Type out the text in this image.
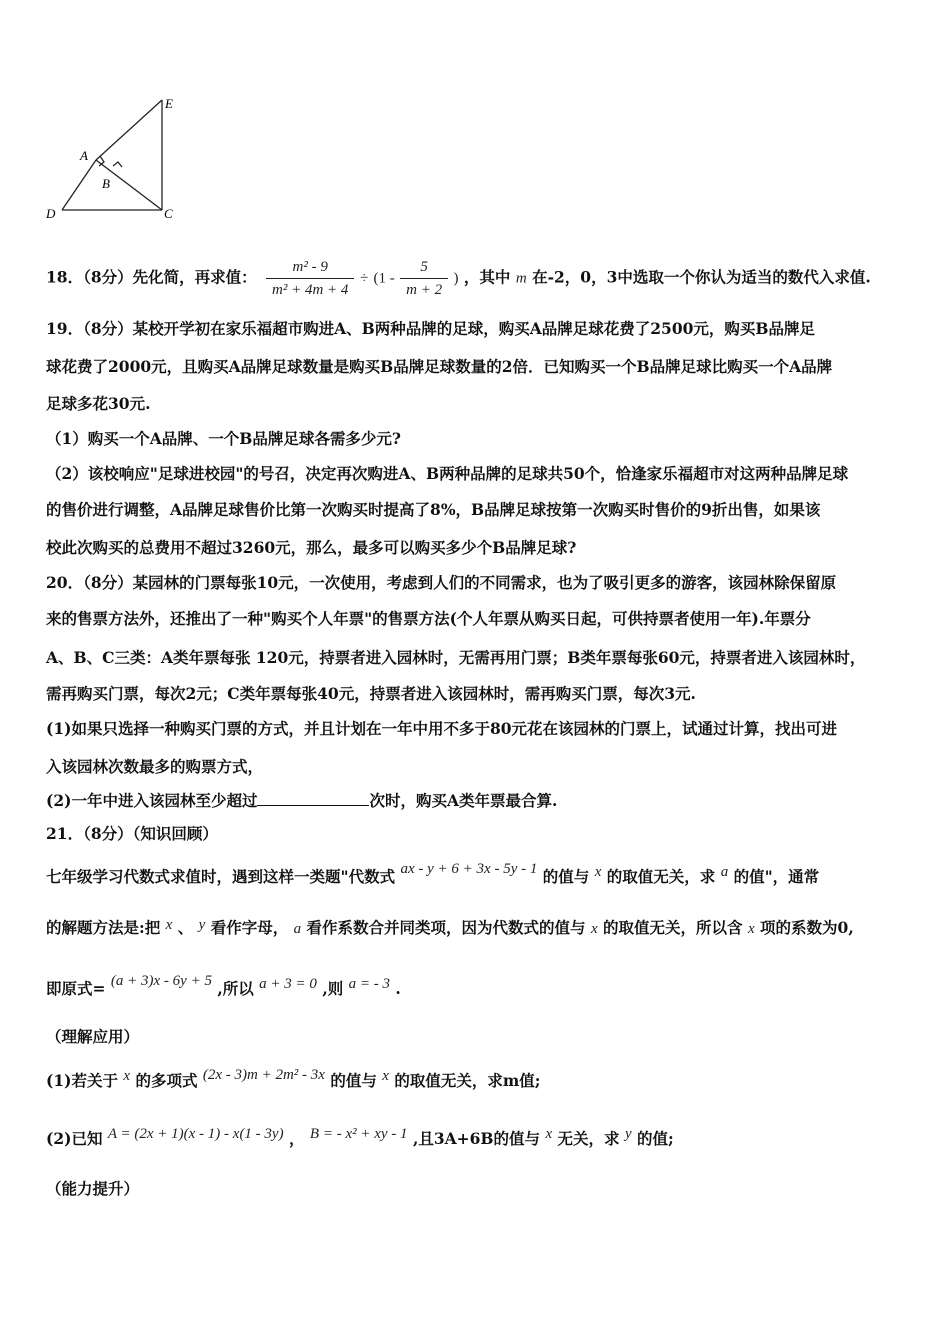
A
B
C
D
E
18．（8分）先化简，再求值： $\frac{\text{m² - 9}}{\text{m² + 4m + 4}} \div (1 - \frac{5}{m + 2}$ ) ，其中 m 在-2，0，3中选取一个你认为适当的数代入求值.
19．（8分）某校开学初在家乐福超市购进A、B两种品牌的足球，购买A品牌足球花费了2500元，购买B品牌足
球花费了2000元，且购买A品牌足球数量是购买B品牌足球数量的2倍．已知购买一个B品牌足球比购买一个A品牌
足球多花30元.
（1）购买一个A品牌、一个B品牌足球各需多少元?
（2）该校响应"足球进校园"的号召，决定再次购进A、B两种品牌的足球共50个，恰逢家乐福超市对这两种品牌足球
的售价进行调整，A品牌足球售价比第一次购买时提高了8%，B品牌足球按第一次购买时售价的9折出售，如果该
校此次购买的总费用不超过3260元，那么，最多可以购买多少个B品牌足球?
20．（8分）某园林的门票每张10元，一次使用，考虑到人们的不同需求，也为了吸引更多的游客，该园林除保留原
来的售票方法外，还推出了一种"购买个人年票"的售票方法(个人年票从购买日起，可供持票者使用一年).年票分
A、B、C三类：A类年票每张 120元，持票者进入园林时，无需再用门票；B类年票每张60元，持票者进入该园林时，
需再购买门票，每次2元；C类年票每张40元，持票者进入该园林时，需再购买门票，每次3元.
(1)如果只选择一种购买门票的方式，并且计划在一年中用不多于80元花在该园林的门票上，试通过计算，找出可进
入该园林次数最多的购票方式，
(2)一年中进入该园林至少超过	次时，购买A类年票最合算.
21．（8分）（知识回顾）
七年级学习代数式求值时，遇到这样一类题"代数式 ax - y + 6 + 3x - 5y - 1 的值与 x 的取值无关，求 a 的值"，通常
的解题方法是:把 x 、 y 看作字母， a 看作系数合并同类项，因为代数式的值与 x 的取值无关，所以含 x 项的系数为0,
即原式= (a + 3)x - 6y + 5 ,所以 a + 3 = 0 ,则 a = - 3 .
（理解应用）
(1)若关于 x 的多项式 (2x - 3)m + 2m² - 3x 的值与 x 的取值无关，求m值;
(2)已知 A = (2x + 1)(x - 1) - x(1 - 3y) ， B = - x² + xy - 1 ,且3A+6B的值与 x 无关，求 y 的值;
（能力提升）
